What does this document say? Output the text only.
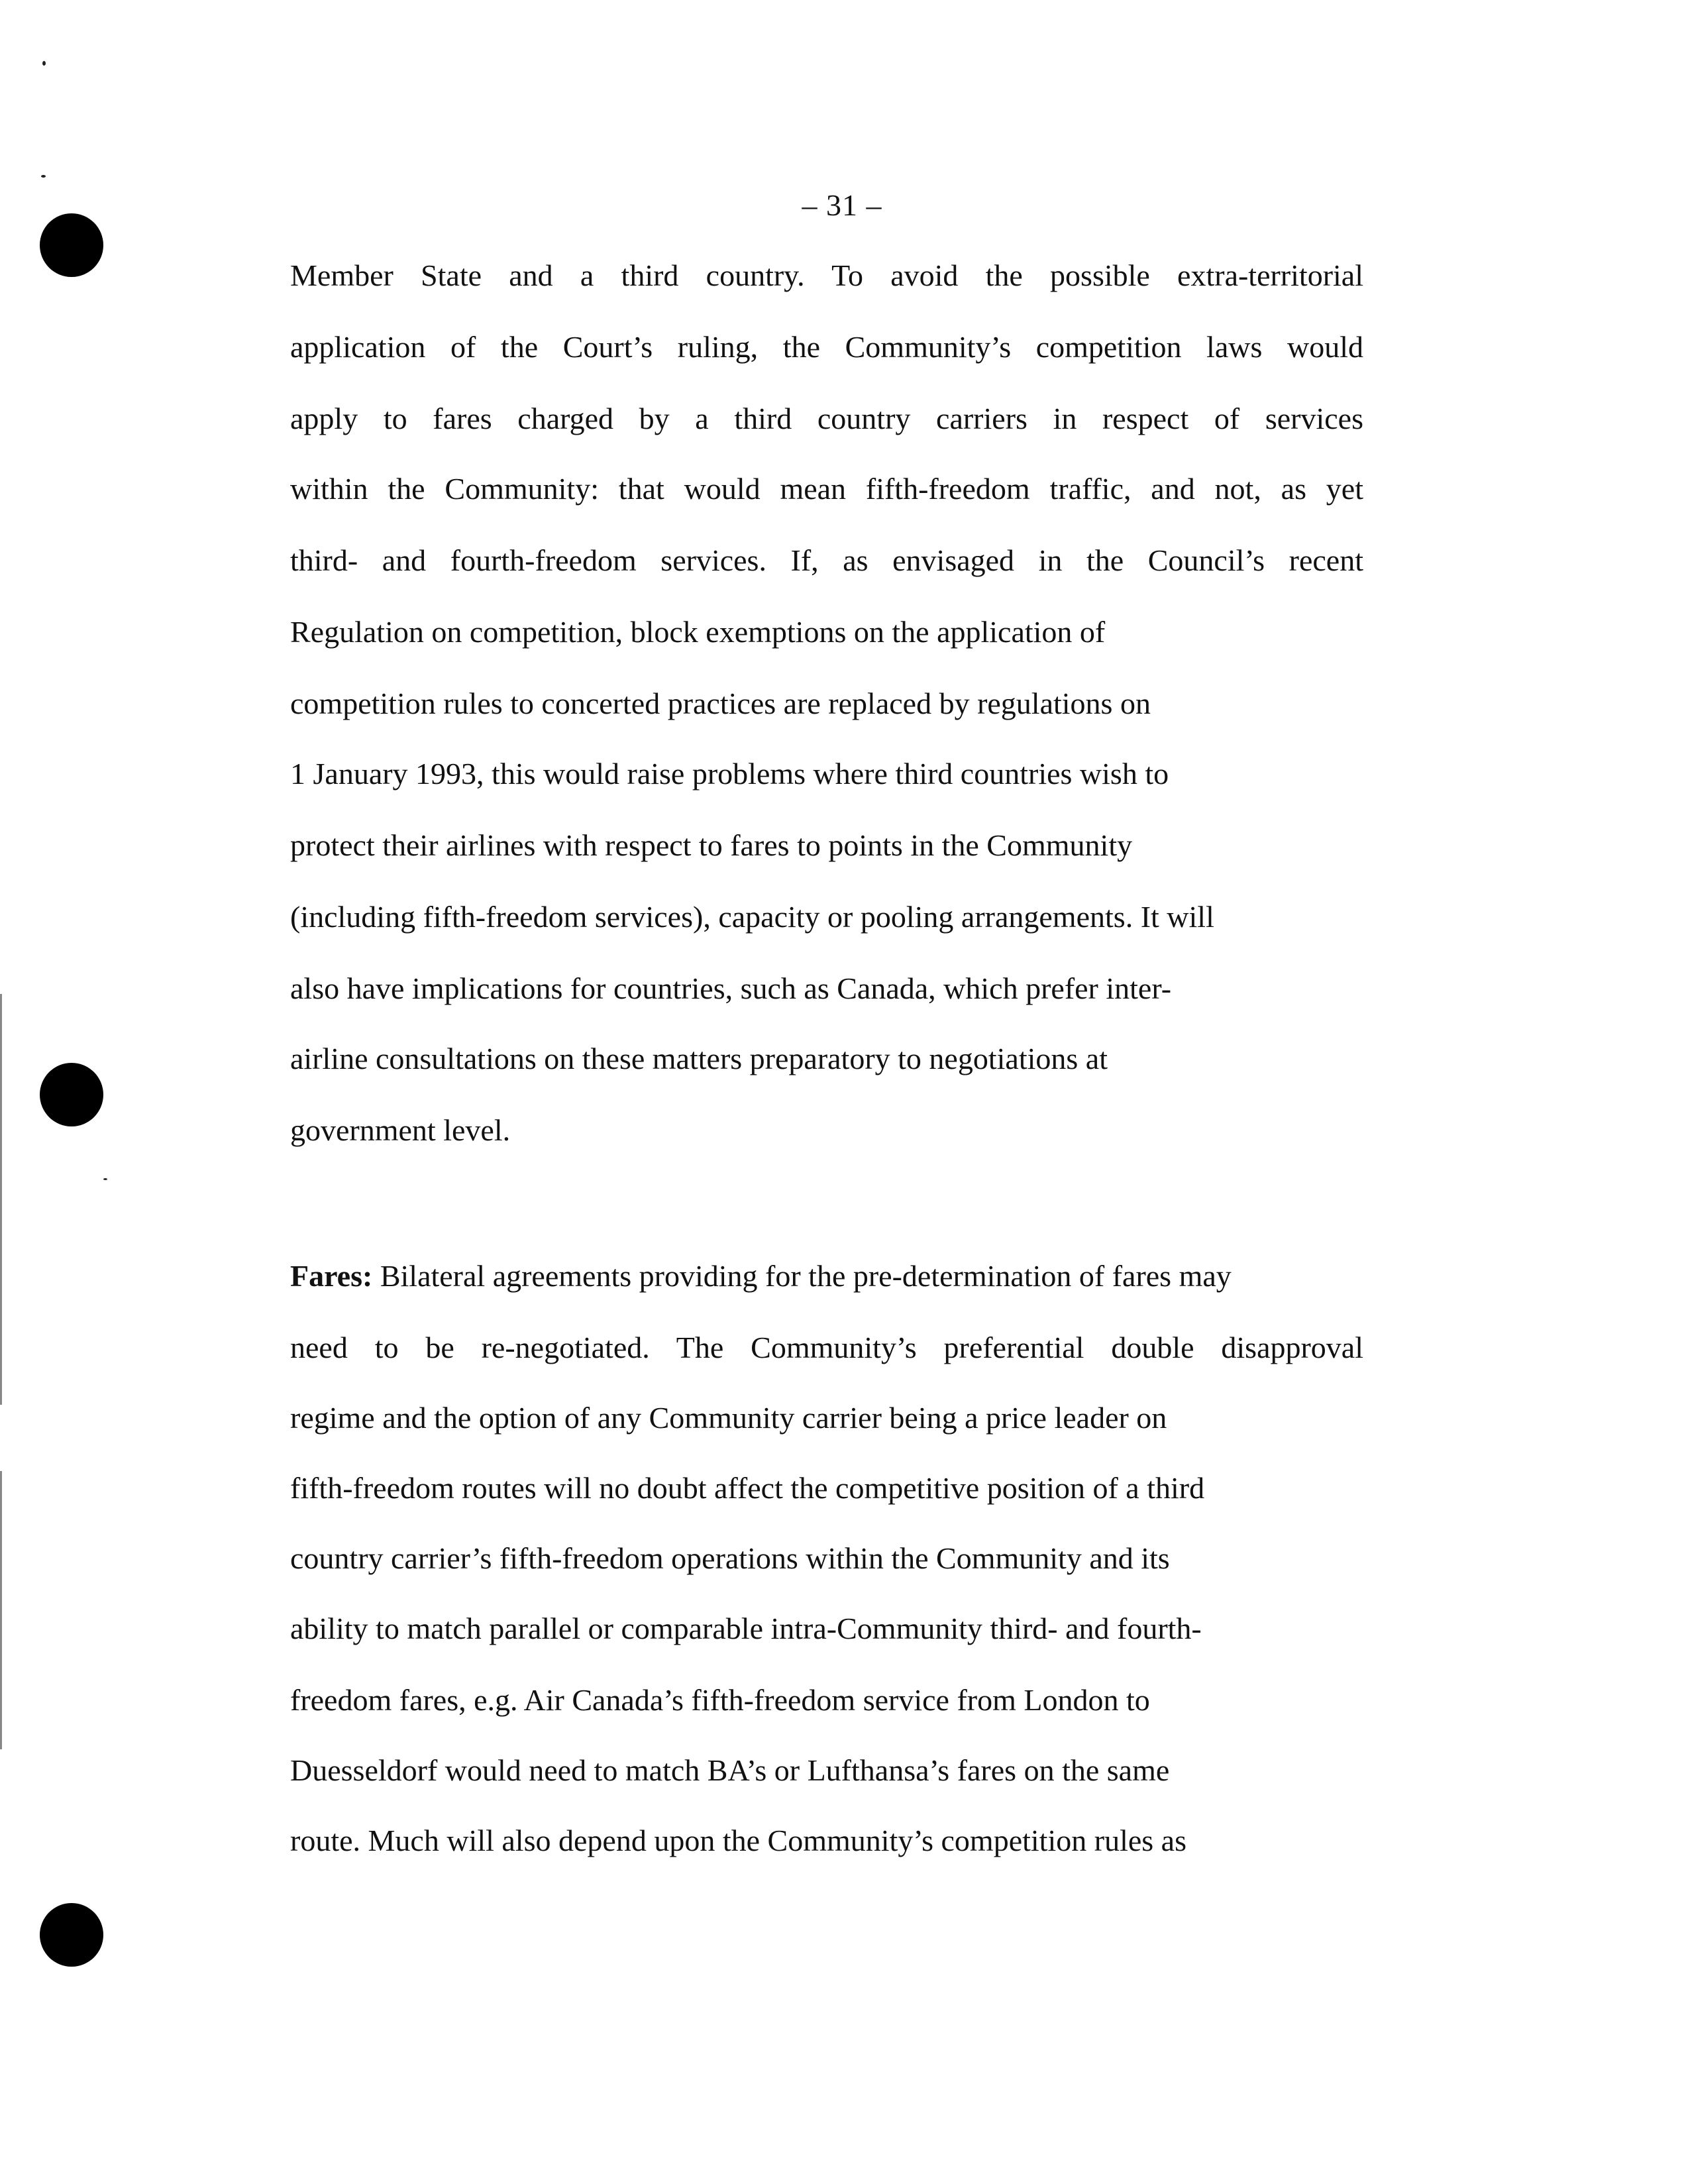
– 31 –
Member State and a third country. To avoid the possible extra-territorial
application of the Court’s ruling, the Community’s competition laws would
apply to fares charged by a third country carriers in respect of services
within the Community: that would mean fifth-freedom traffic, and not, as yet
third- and fourth-freedom services. If, as envisaged in the Council’s recent
Regulation on competition, block exemptions on the application of
competition rules to concerted practices are replaced by regulations on
1 January 1993, this would raise problems where third countries wish to
protect their airlines with respect to fares to points in the Community
(including fifth-freedom services), capacity or pooling arrangements. It will
also have implications for countries, such as Canada, which prefer inter-
airline consultations on these matters preparatory to negotiations at
government level.
Fares: Bilateral agreements providing for the pre-determination of fares may
need to be re-negotiated. The Community’s preferential double disapproval
regime and the option of any Community carrier being a price leader on
fifth-freedom routes will no doubt affect the competitive position of a third
country carrier’s fifth-freedom operations within the Community and its
ability to match parallel or comparable intra-Community third- and fourth-
freedom fares, e.g. Air Canada’s fifth-freedom service from London to
Duesseldorf would need to match BA’s or Lufthansa’s fares on the same
route. Much will also depend upon the Community’s competition rules as
